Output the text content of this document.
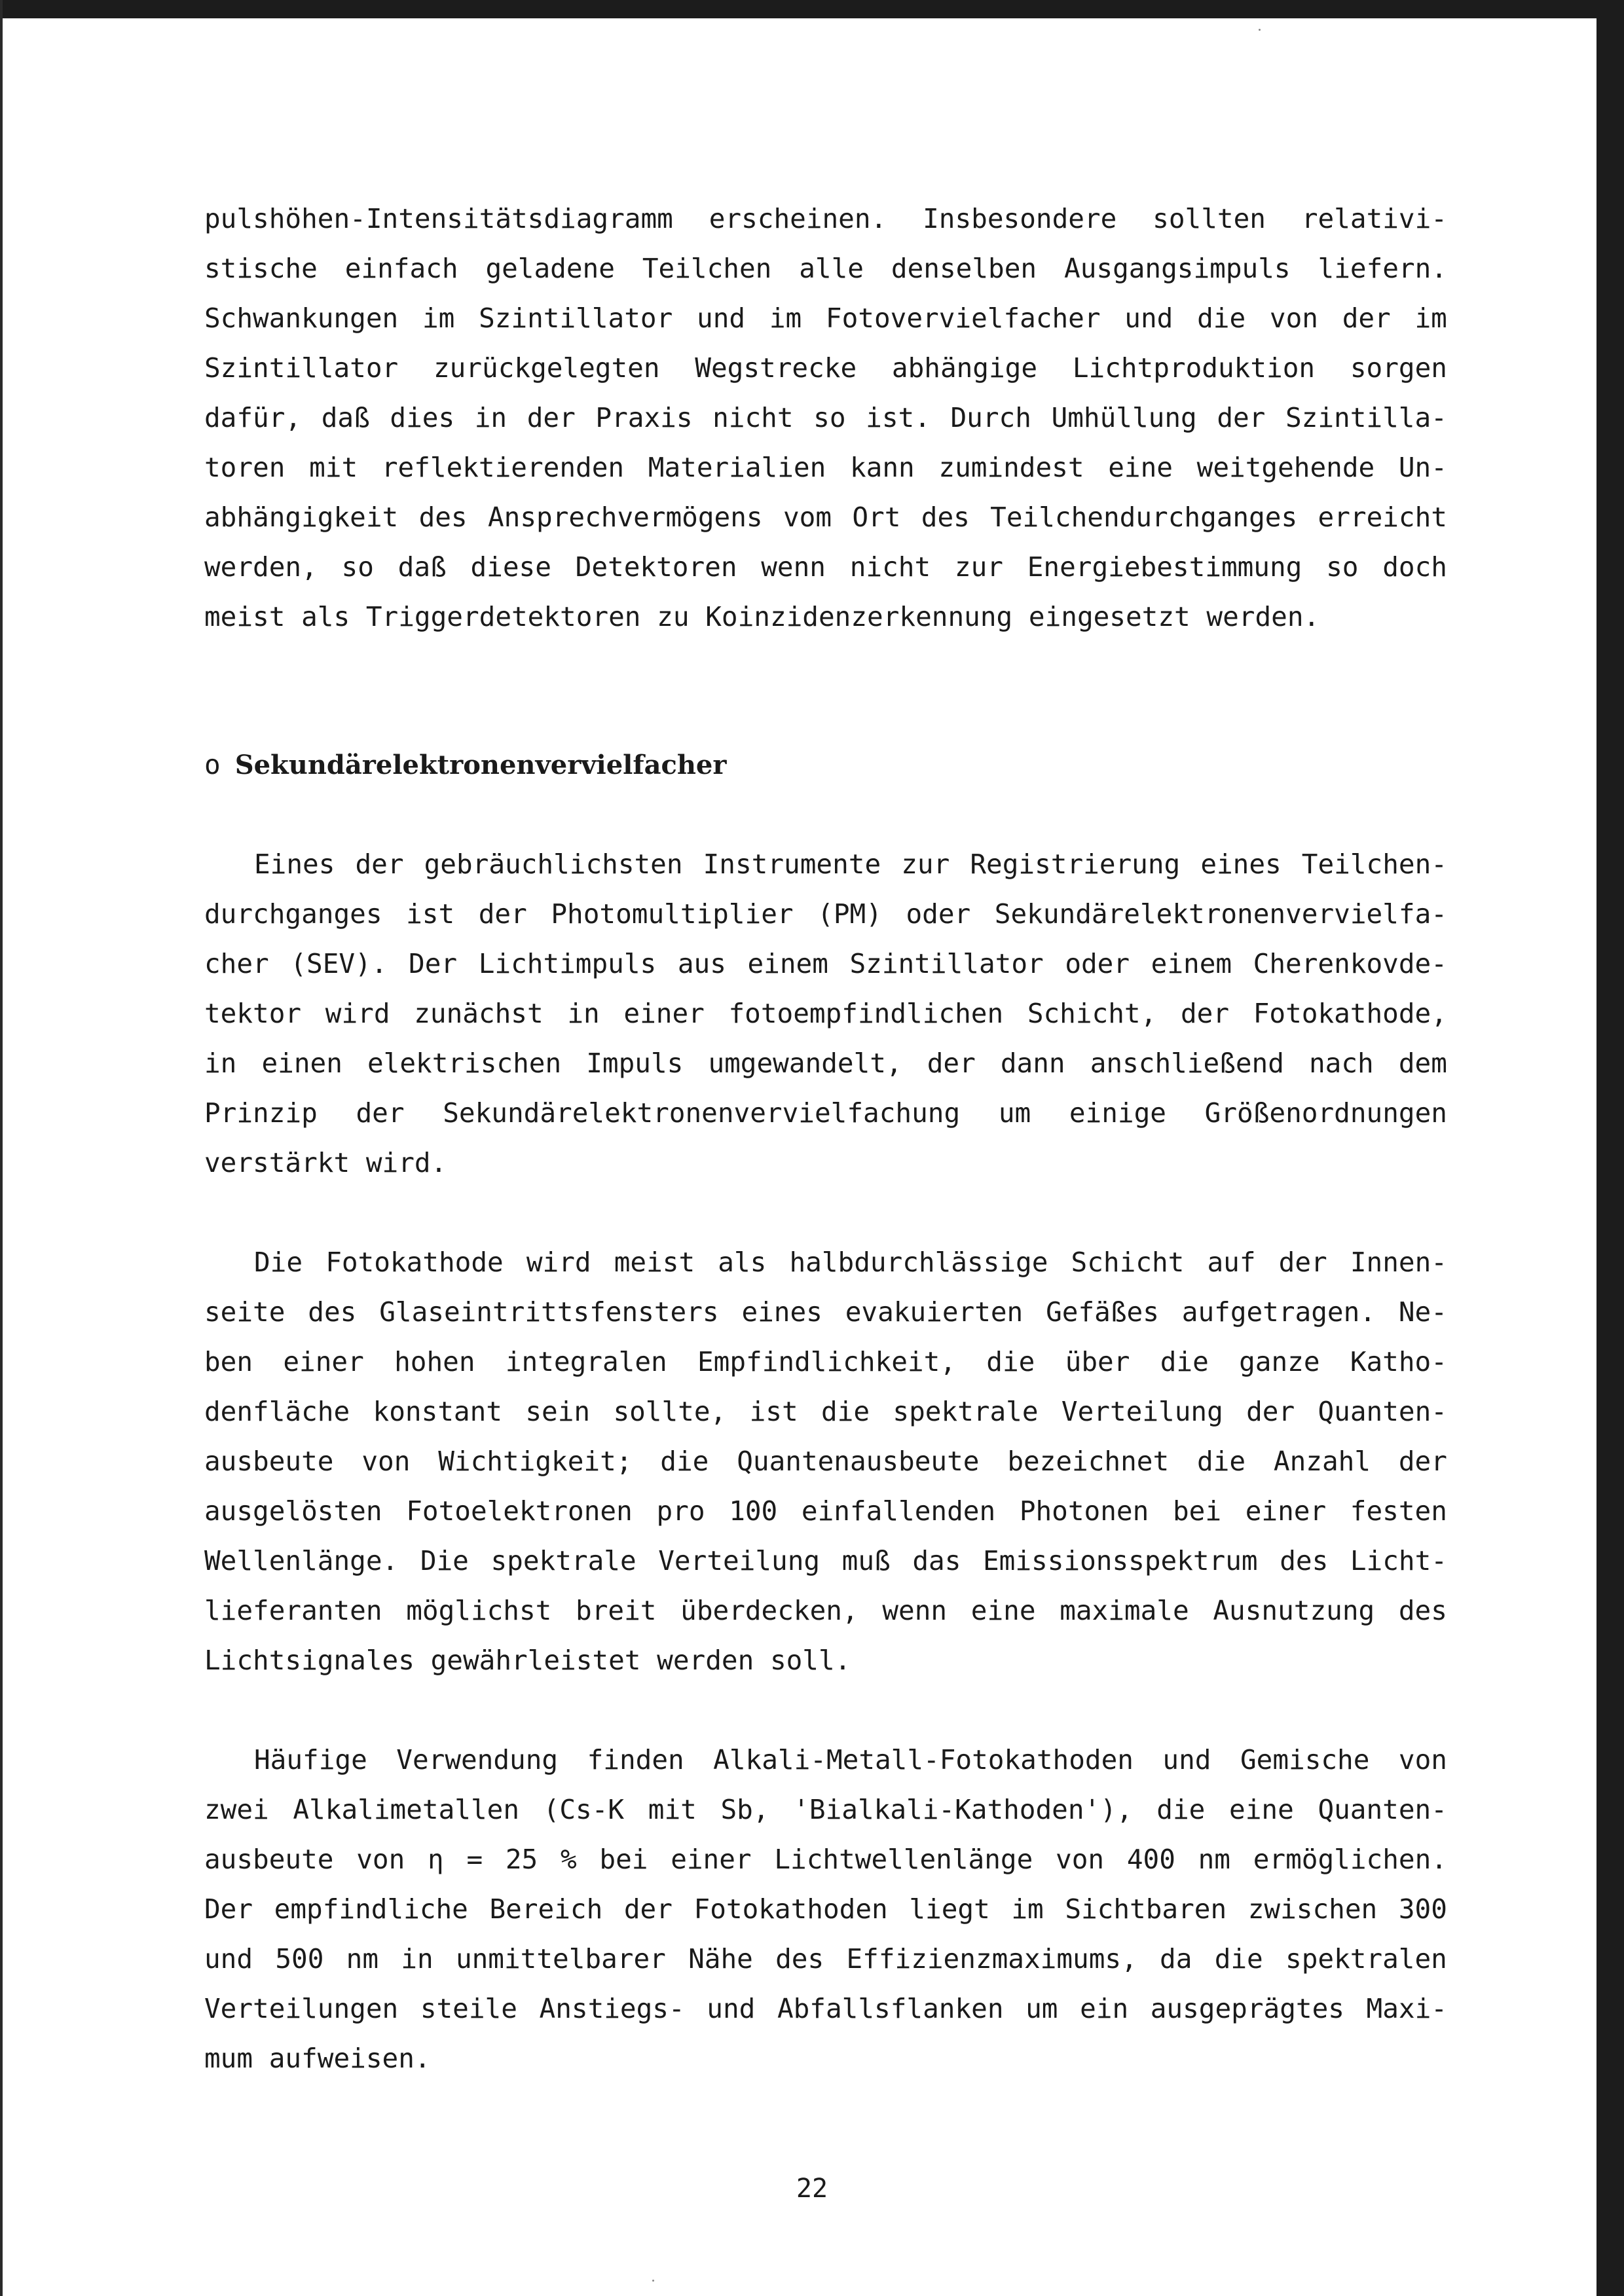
pulshöhen-Intensitätsdiagramm erscheinen. Insbesondere sollten relativi-
stische einfach geladene Teilchen alle denselben Ausgangsimpuls liefern.
Schwankungen im Szintillator und im Fotovervielfacher und die von der im
Szintillator zurückgelegten Wegstrecke abhängige Lichtproduktion sorgen
dafür, daß dies in der Praxis nicht so ist. Durch Umhüllung der Szintilla-
toren mit reflektierenden Materialien kann zumindest eine weitgehende Un-
abhängigkeit des Ansprechvermögens vom Ort des Teilchendurchganges erreicht
werden, so daß diese Detektoren wenn nicht zur Energiebestimmung so doch
meist als Triggerdetektoren zu Koinzidenzerkennung eingesetzt werden.
o Sekundärelektronenvervielfacher
Eines der gebräuchlichsten Instrumente zur Registrierung eines Teilchen-
durchganges ist der Photomultiplier (PM) oder Sekundärelektronenvervielfa-
cher (SEV). Der Lichtimpuls aus einem Szintillator oder einem Cherenkovde-
tektor wird zunächst in einer fotoempfindlichen Schicht, der Fotokathode,
in einen elektrischen Impuls umgewandelt, der dann anschließend nach dem
Prinzip der Sekundärelektronenvervielfachung um einige Größenordnungen
verstärkt wird.
Die Fotokathode wird meist als halbdurchlässige Schicht auf der Innen-
seite des Glaseintrittsfensters eines evakuierten Gefäßes aufgetragen. Ne-
ben einer hohen integralen Empfindlichkeit, die über die ganze Katho-
denfläche konstant sein sollte, ist die spektrale Verteilung der Quanten-
ausbeute von Wichtigkeit; die Quantenausbeute bezeichnet die Anzahl der
ausgelösten Fotoelektronen pro 100 einfallenden Photonen bei einer festen
Wellenlänge. Die spektrale Verteilung muß das Emissionsspektrum des Licht-
lieferanten möglichst breit überdecken, wenn eine maximale Ausnutzung des
Lichtsignales gewährleistet werden soll.
Häufige Verwendung finden Alkali-Metall-Fotokathoden und Gemische von
zwei Alkalimetallen (Cs-K mit Sb, 'Bialkali-Kathoden'), die eine Quanten-
ausbeute von η = 25 % bei einer Lichtwellenlänge von 400 nm ermöglichen.
Der empfindliche Bereich der Fotokathoden liegt im Sichtbaren zwischen 300
und 500 nm in unmittelbarer Nähe des Effizienzmaximums, da die spektralen
Verteilungen steile Anstiegs- und Abfallsflanken um ein ausgeprägtes Maxi-
mum aufweisen.
22
